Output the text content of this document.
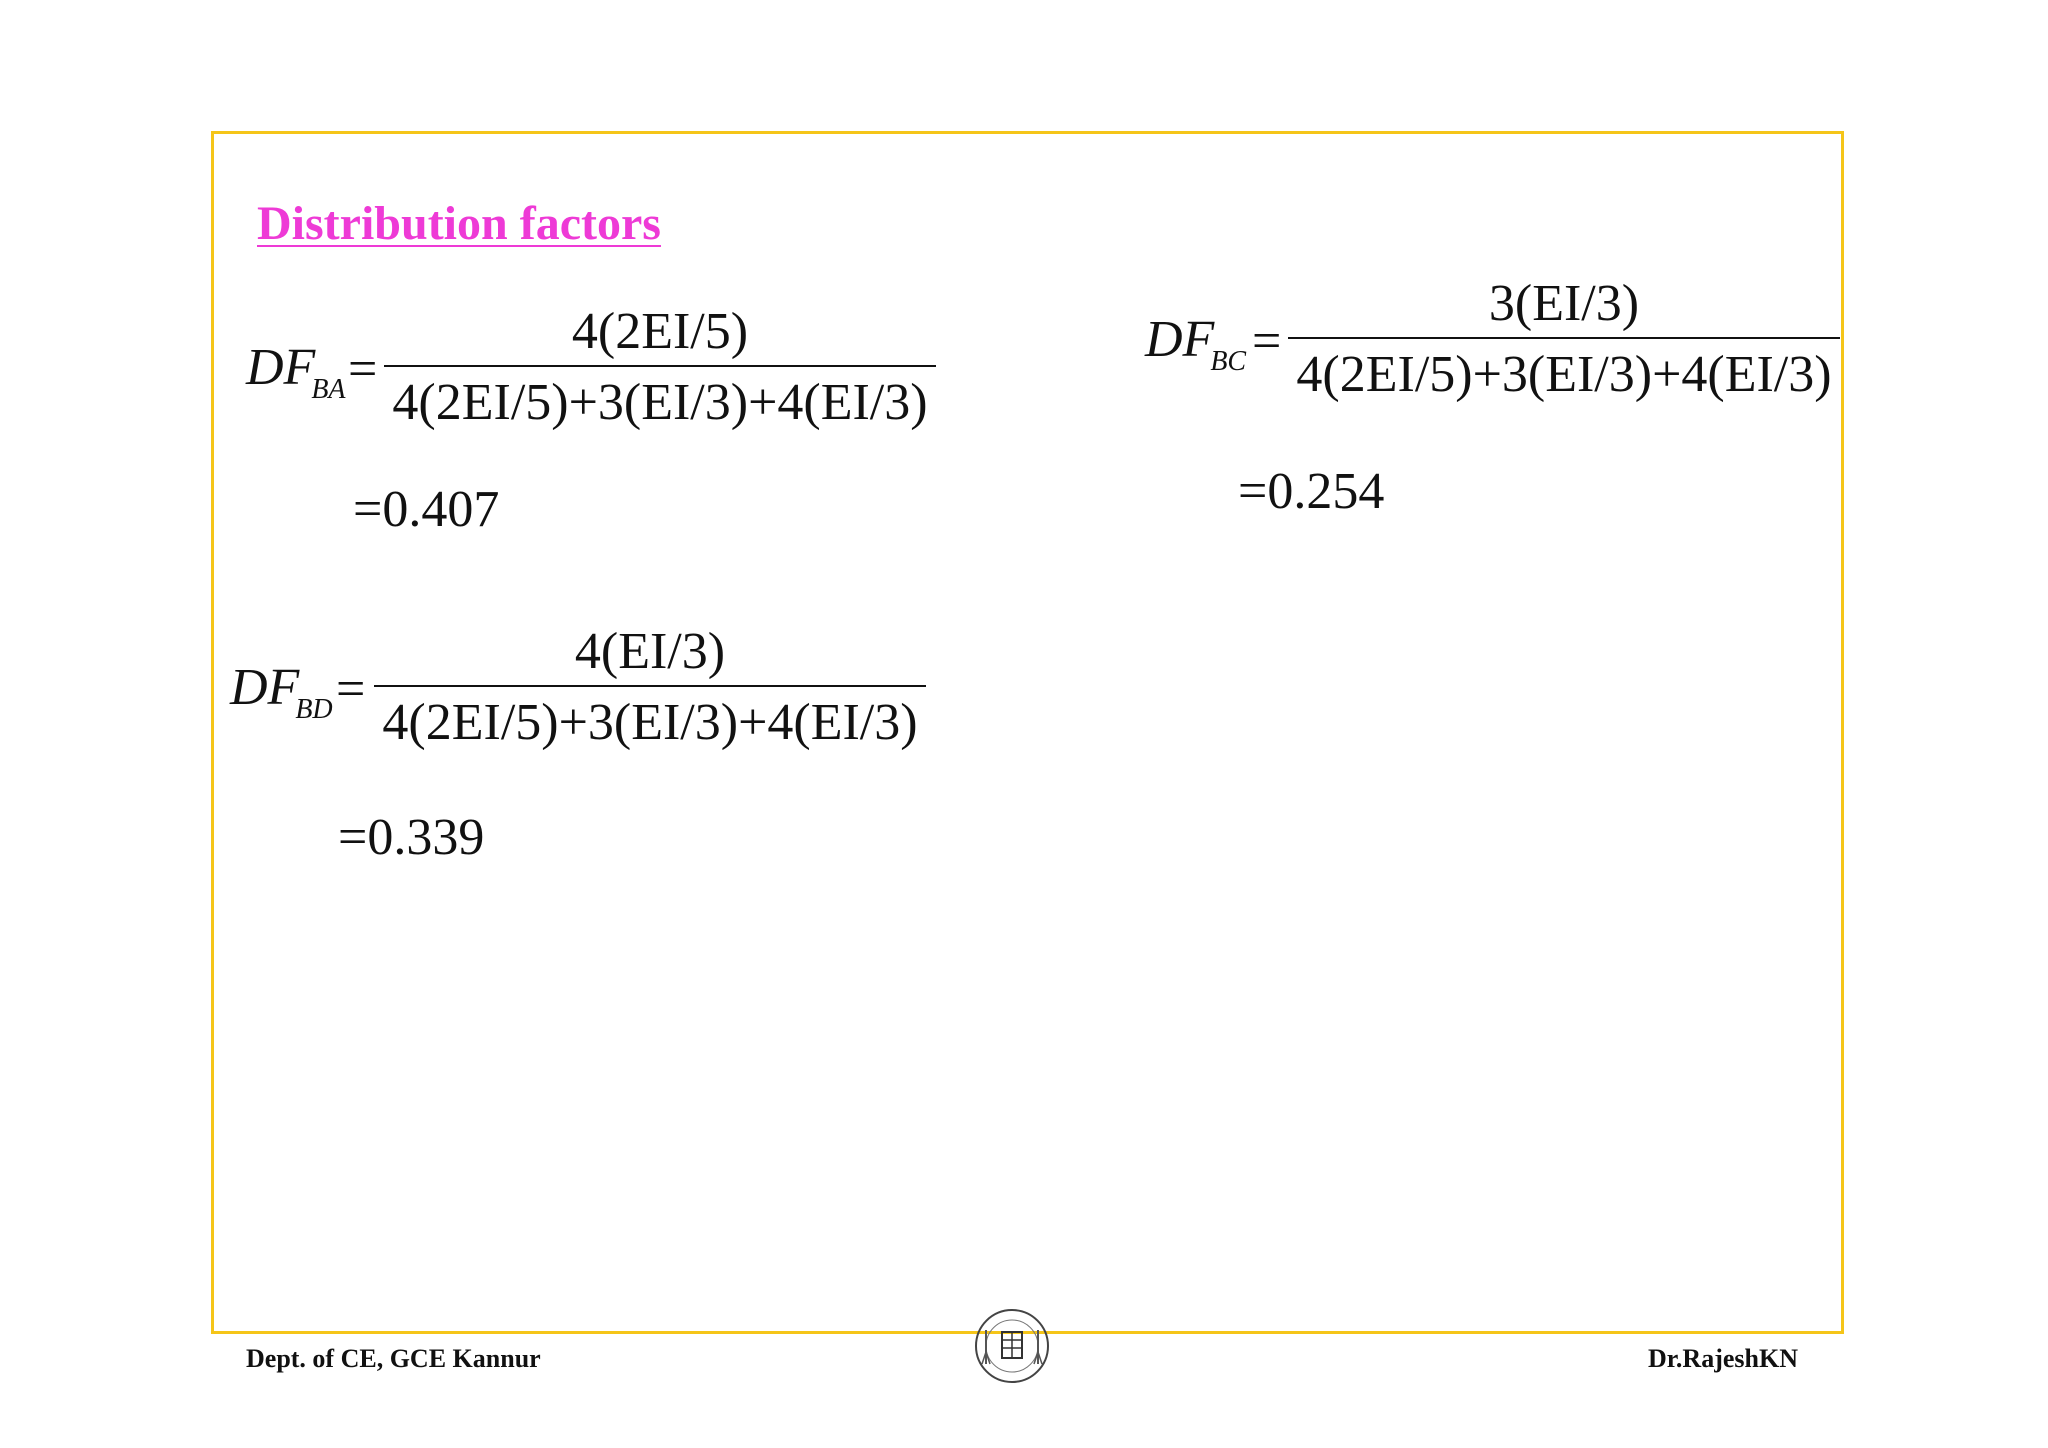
Distribution factors
$DF_{BA}$ =
4(2EI/5)
4(2EI/5)+3(EI/3)+4(EI/3)
=0.407
$DF_{BD}$ =
4(EI/3)
4(2EI/5)+3(EI/3)+4(EI/3)
=0.339
$DF_{BC}$ =
3(EI/3)
4(2EI/5)+3(EI/3)+4(EI/3)
=0.254
Dept. of CE, GCE Kannur	Dr.RajeshKN
